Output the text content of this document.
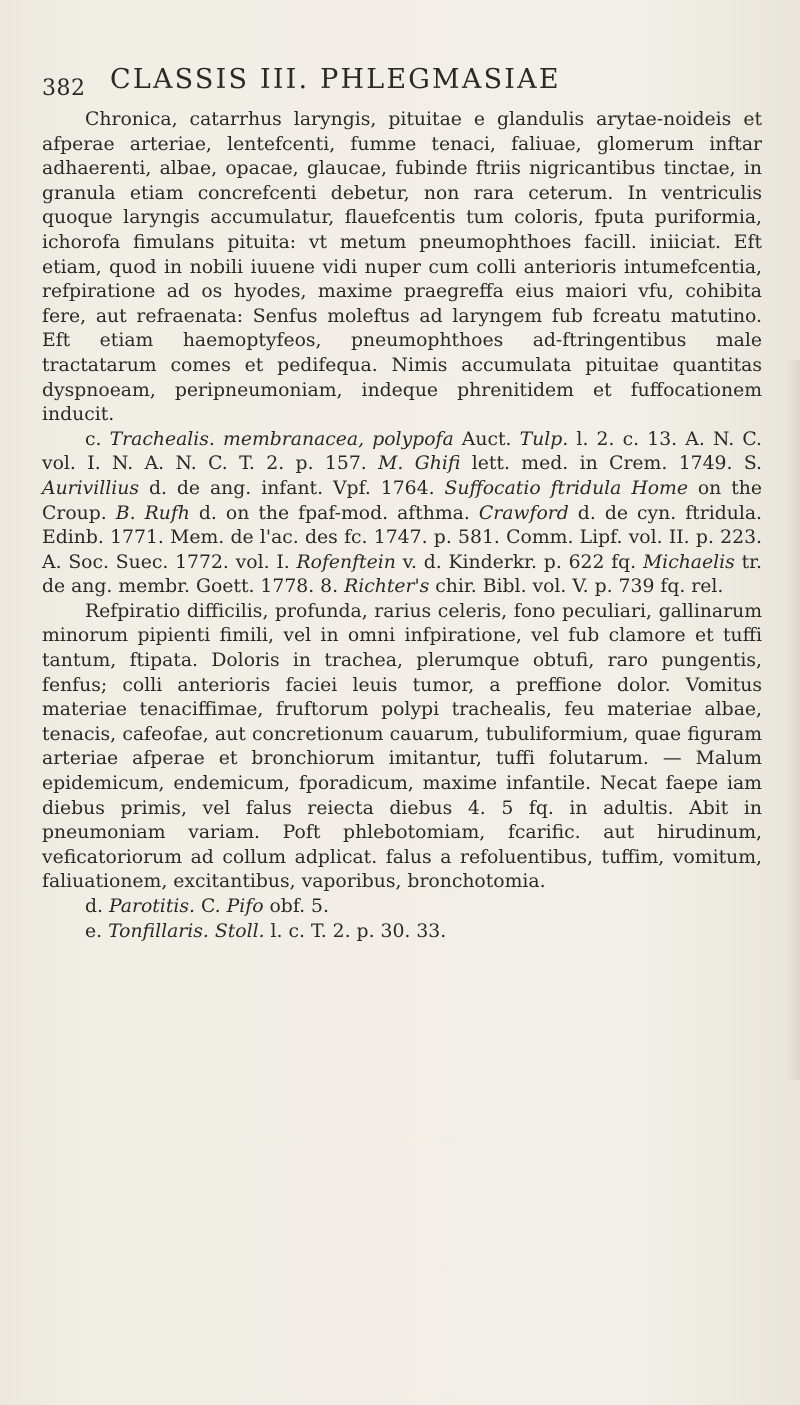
382 CLASSIS III. PHLEGMASIAE

Chronica, catarrhus laryngis, pituitae e glandulis arytae-noideis et afperae arteriae, lentefcenti, fumme tenaci, faliuae, glomerum inftar adhaerenti, albae, opacae, glaucae, fubinde ftriis nigricantibus tinctae, in granula etiam concrefcenti debetur, non rara ceterum. In ventriculis quoque laryngis accumulatur, flauefcentis tum coloris, fputa puriformia, ichorofa fimulans pituita: vt metum pneumophthoes facill. iniiciat. Eft etiam, quod in nobili iuuene vidi nuper cum colli anterioris intumefcentia, refpiratione ad os hyodes, maxime praegreffa eius maiori vfu, cohibita fere, aut refraenata: Senfus moleftus ad laryngem fub fcreatu matutino. Eft etiam haemoptyfeos, pneumophthoes ad-ftringentibus male tractatarum comes et pedifequa. Nimis accumulata pituitae quantitas dyspnoeam, peripneumoniam, indeque phrenitidem et fuffocationem inducit.

c. Trachealis. membranacea, polypofa Auct. Tulp. l. 2. c. 13. A. N. C. vol. I. N. A. N. C. T. 2. p. 157. M. Ghifi lett. med. in Crem. 1749. S. Aurivillius d. de ang. infant. Vpf. 1764. Suffocatio ftridula Home on the Croup. B. Rufh d. on the fpaf-mod. afthma. Crawford d. de cyn. ftridula. Edinb. 1771. Mem. de l'ac. des fc. 1747. p. 581. Comm. Lipf. vol. II. p. 223. A. Soc. Suec. 1772. vol. I. Rofenftein v. d. Kinderkr. p. 622 fq. Michaelis tr. de ang. membr. Goett. 1778. 8. Richter's chir. Bibl. vol. V. p. 739 fq. rel.

Refpiratio difficilis, profunda, rarius celeris, fono peculiari, gallinarum minorum pipienti fimili, vel in omni infpiratione, vel fub clamore et tuffi tantum, ftipata. Doloris in trachea, plerumque obtufi, raro pungentis, fenfus; colli anterioris faciei leuis tumor, a preffione dolor. Vomitus materiae tenaciffimae, fruftorum polypi trachealis, feu materiae albae, tenacis, cafeofae, aut concretionum cauarum, tubuliformium, quae figuram arteriae afperae et bronchiorum imitantur, tuffi folutarum. — Malum epidemicum, endemicum, fporadicum, maxime infantile. Necat faepe iam diebus primis, vel falus reiecta diebus 4. 5 fq. in adultis. Abit in pneumoniam variam. Poft phlebotomiam, fcarific. aut hirudinum, veficatoriorum ad collum adplicat. falus a refoluentibus, tuffim, vomitum, faliuationem, excitantibus, vaporibus, bronchotomia.

d. Parotitis. C. Pifo obf. 5.

e. Tonfillaris. Stoll. l. c. T. 2. p. 30. 33.
